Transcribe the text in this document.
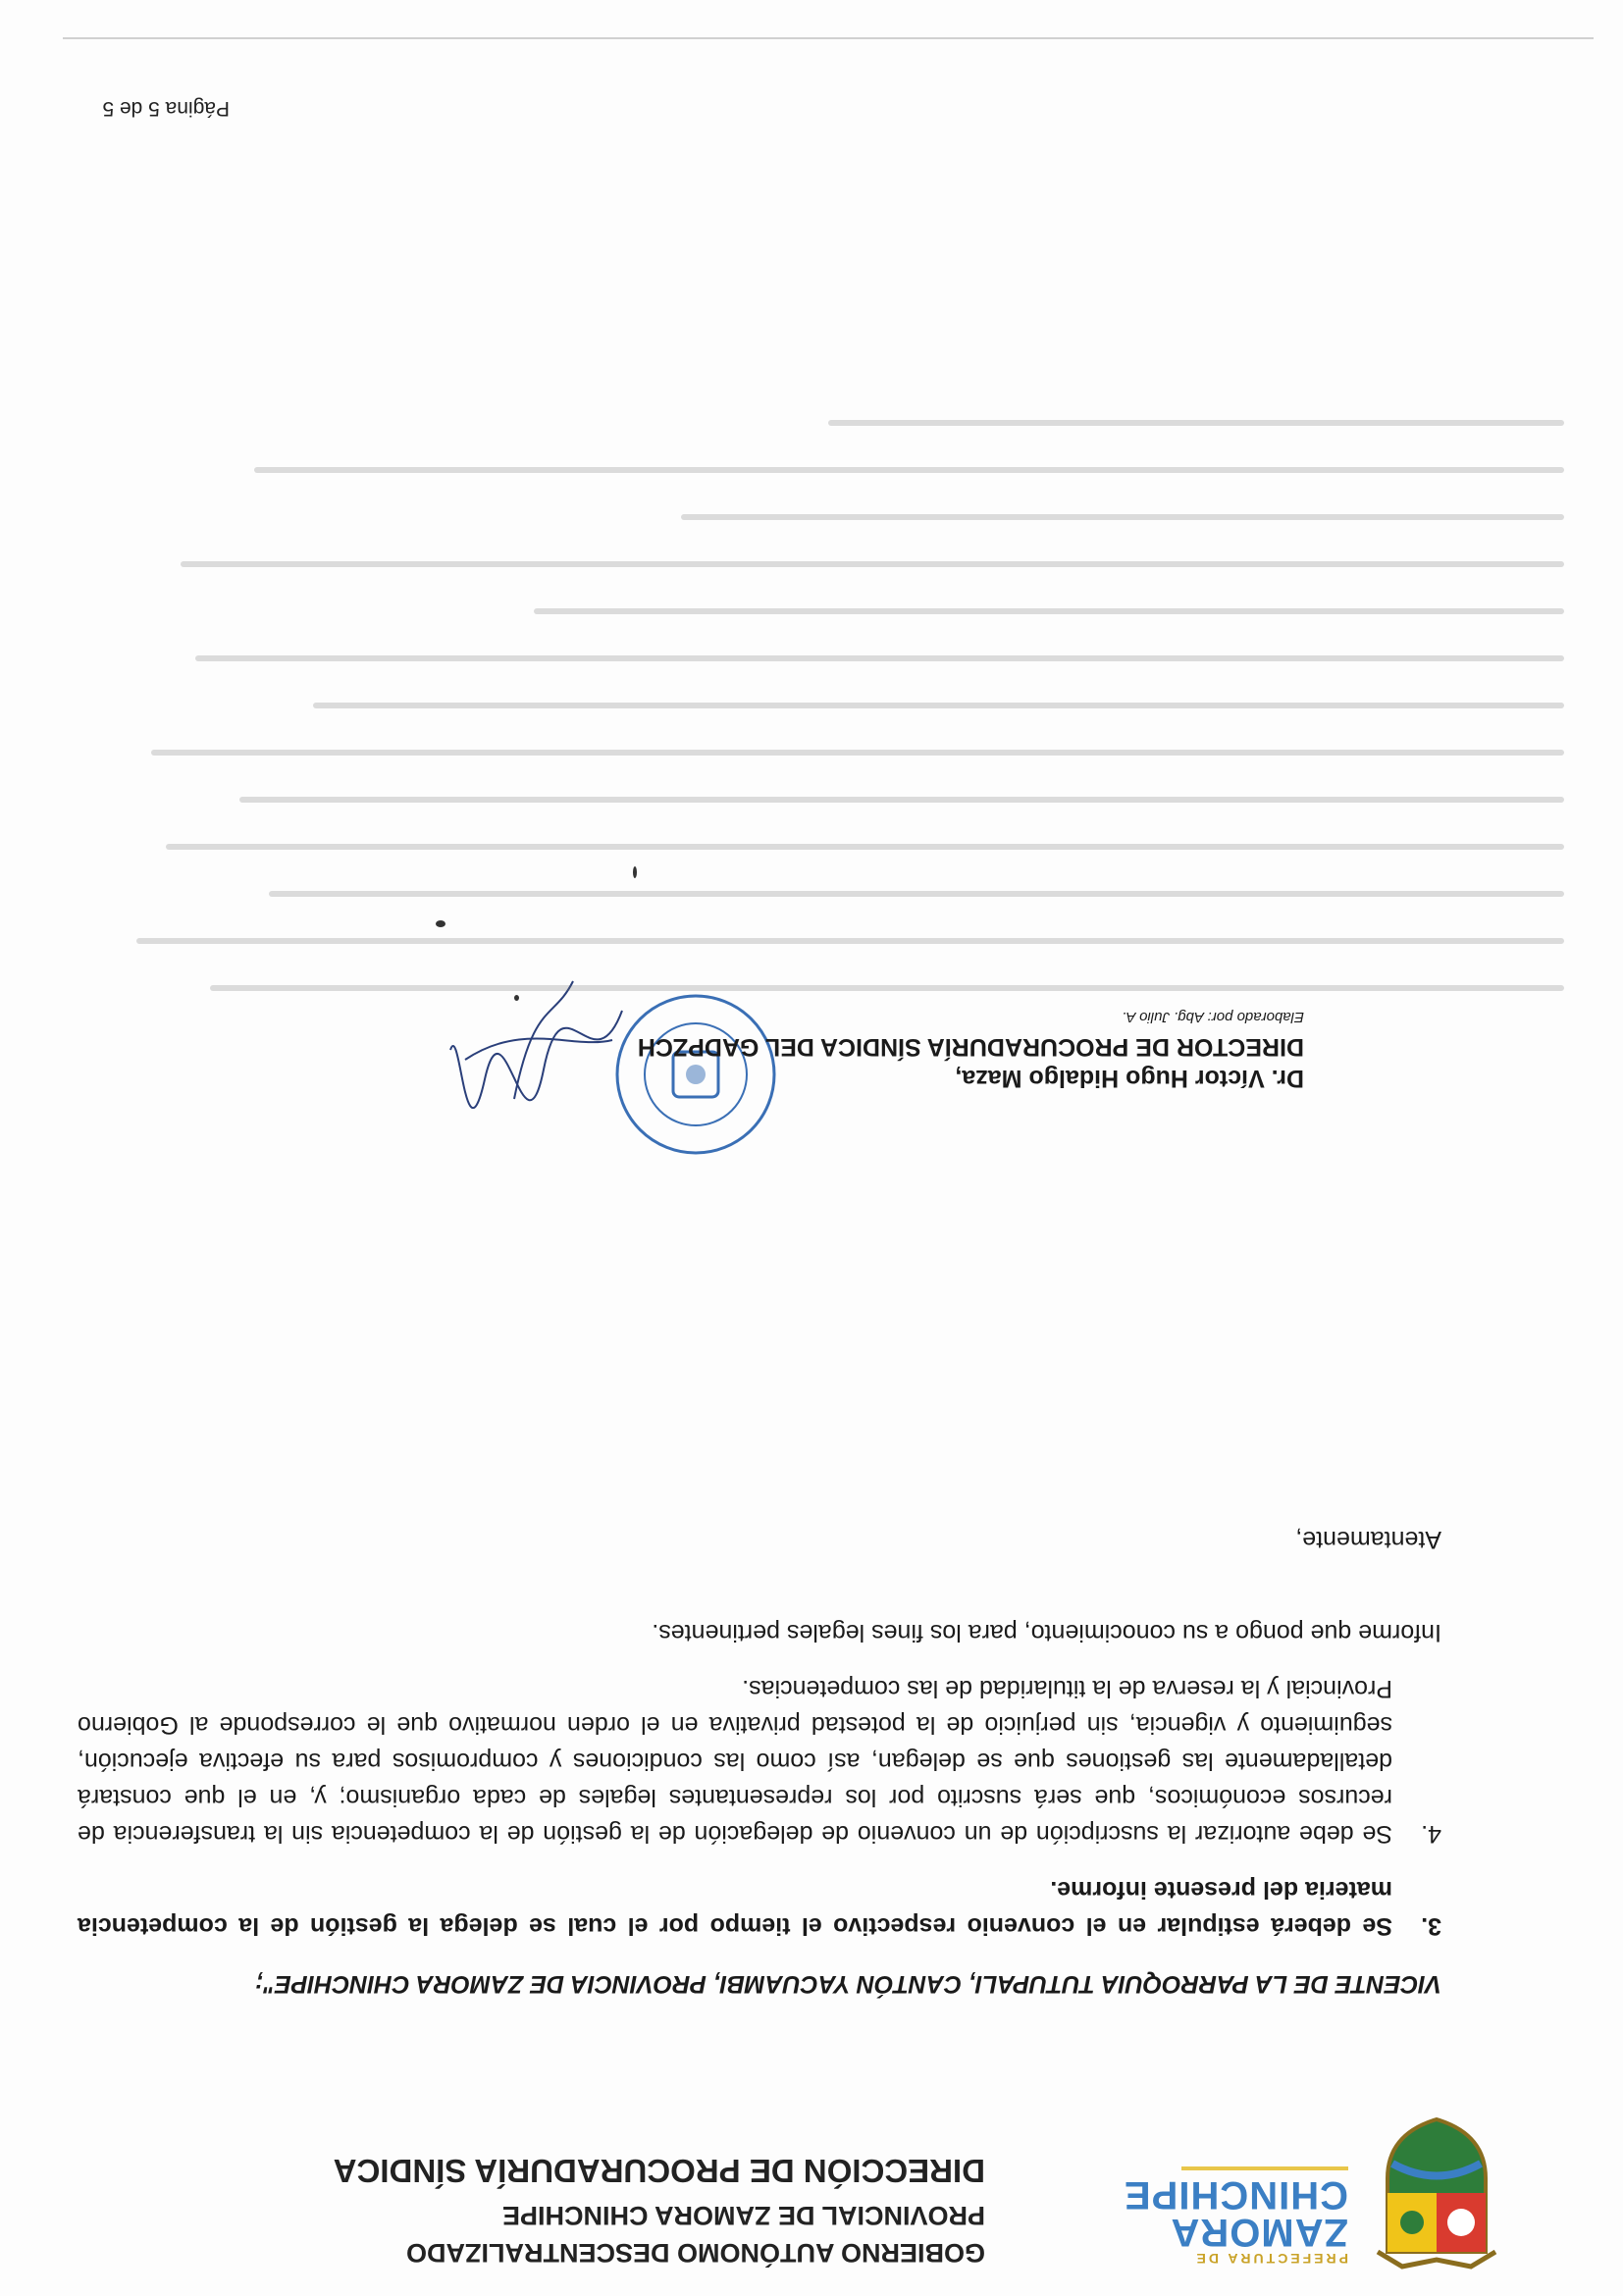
PREFECTURA DE
ZAMORA
CHINCHIPE
GOBIERNO AUTÓNOMO DESCENTRALIZADO
PROVINCIAL DE ZAMORA CHINCHIPE
DIRECCIÓN DE PROCURADURÍA SÍNDICA
VICENTE DE LA PARROQUIA TUTUPALI, CANTÓN YACUAMBI, PROVINCIA DE ZAMORA CHINCHIPE";
3.
Se deberá estipular en el convenio respectivo el tiempo por el cual se delega la gestión de la competencia materia del presente informe.
4.
Se debe autorizar la suscripción de un convenio de delegación de la gestión de la competencia sin la transferencia de recursos económicos, que será suscrito por los representantes legales de cada organismo; y, en el que constará detalladamente las gestiones que se delegan, así como las condiciones y compromisos para su efectiva ejecución, seguimiento y vigencia, sin perjuicio de la potestad privativa en el orden normativo que le corresponde al Gobierno Provincial y la reserva de la titularidad de las competencias.
Informe que pongo a su conocimiento, para los fines legales pertinentes.
Atentamente,
Dr. Víctor Hugo Hidalgo Maza,
DIRECTOR DE PROCURADURÍA SÍNDICA DEL GADPZCH
Elaborado por: Abg. Julio A.
Página 5 de 5
